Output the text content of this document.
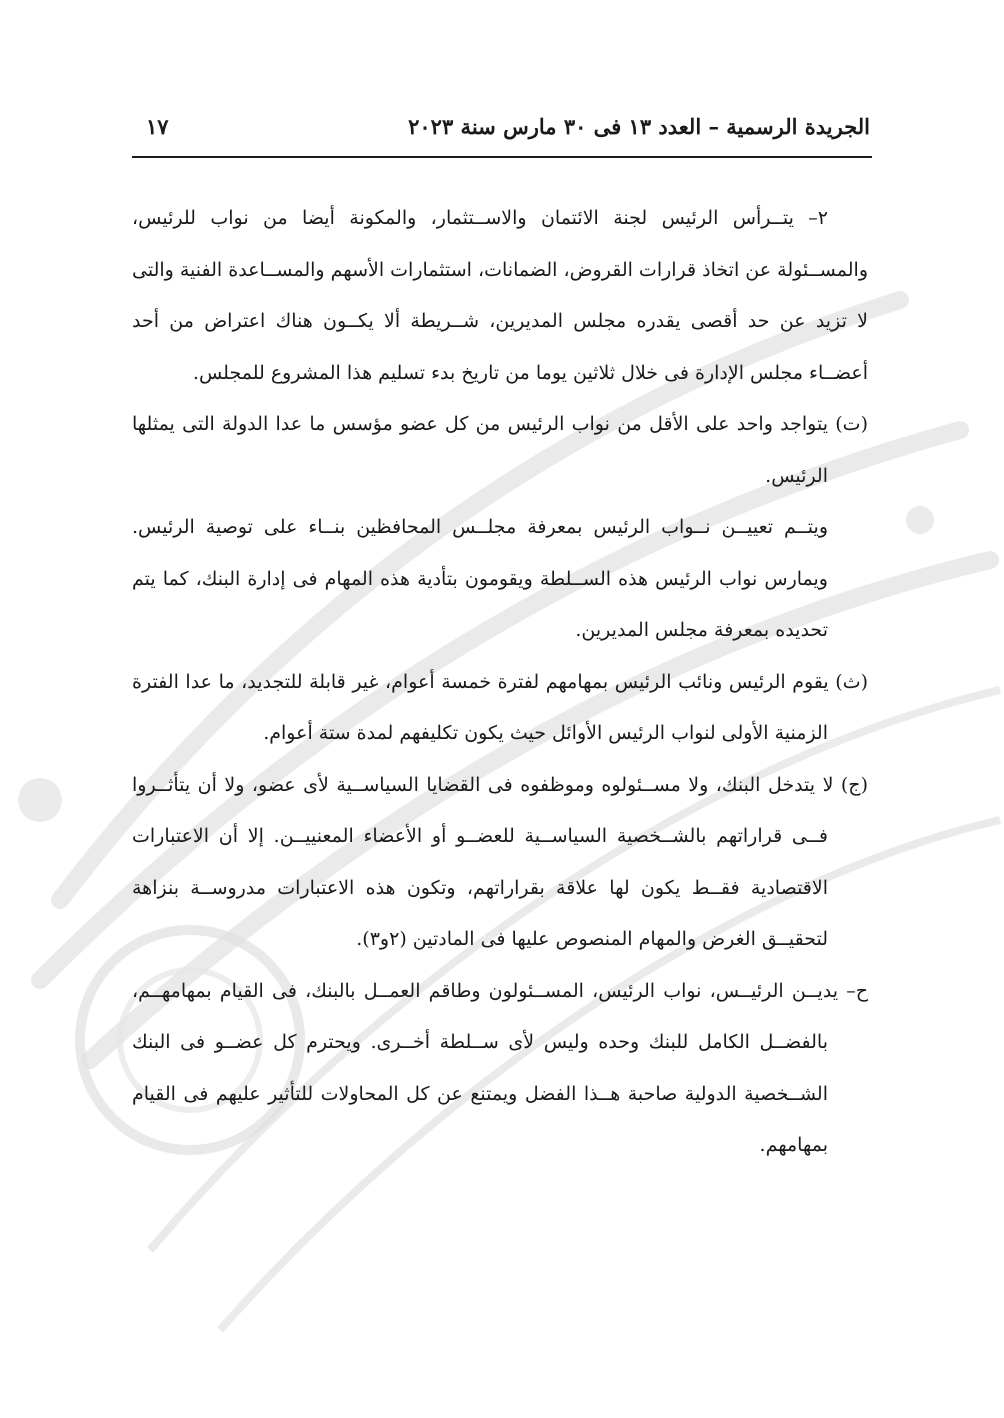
الجريدة الرسمية – العدد ١٣ فى ٣٠ مارس سنة ٢٠٢٣
١٧

٢– يتــرأس الرئيس لجنة الائتمان والاســتثمار، والمكونة أيضا من نواب للرئيس، والمســئولة عن اتخاذ قرارات القروض، الضمانات، استثمارات الأسهم والمســاعدة الفنية والتى لا تزيد عن حد أقصى يقدره مجلس المديرين، شــريطة ألا يكــون هناك اعتراض من أحد أعضــاء مجلس الإدارة فى خلال ثلاثين يوما من تاريخ بدء تسليم هذا المشروع للمجلس.

(ت) يتواجد واحد على الأقل من نواب الرئيس من كل عضو مؤسس ما عدا الدولة التى يمثلها الرئيس.

ويتــم تعييــن نــواب الرئيس بمعرفة مجلــس المحافظين بنــاء على توصية الرئيس. ويمارس نواب الرئيس هذه الســلطة ويقومون بتأدية هذه المهام فى إدارة البنك، كما يتم تحديده بمعرفة مجلس المديرين.

(ث) يقوم الرئيس ونائب الرئيس بمهامهم لفترة خمسة أعوام، غير قابلة للتجديد، ما عدا الفترة الزمنية الأولى لنواب الرئيس الأوائل حيث يكون تكليفهم لمدة ستة أعوام.

(ج) لا يتدخل البنك، ولا مســئولوه وموظفوه فى القضايا السياســية لأى عضو، ولا أن يتأثــروا فــى قراراتهم بالشــخصية السياســية للعضــو أو الأعضاء المعنييــن. إلا أن الاعتبارات الاقتصادية فقــط يكون لها علاقة بقراراتهم، وتكون هذه الاعتبارات مدروســة بنزاهة لتحقيــق الغرض والمهام المنصوص عليها فى المادتين (٢و٣).

ح– يديــن الرئيــس، نواب الرئيس، المســئولون وطاقم العمــل بالبنك، فى القيام بمهامهــم، بالفضــل الكامل للبنك وحده وليس لأى ســلطة أخــرى. ويحترم كل عضــو فى البنك الشــخصية الدولية صاحبة هــذا الفضل ويمتنع عن كل المحاولات للتأثير عليهم فى القيام بمهامهم.
